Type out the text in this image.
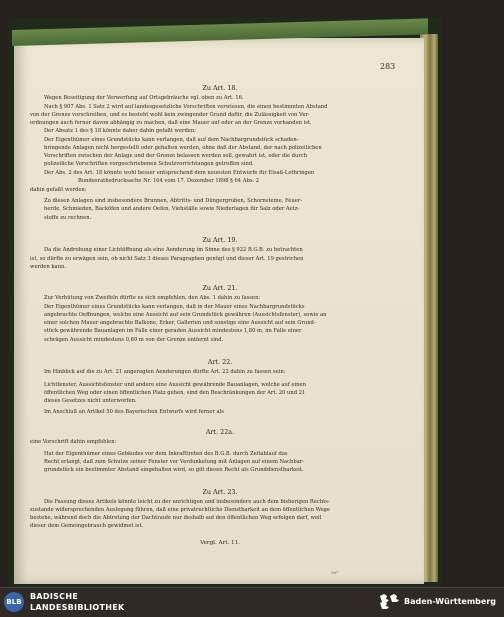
283
Zu Art. 18.
Wegen Beseitigung der Verwerfung auf Ortsgebräuche vgl. oben zu Art. 16.
Nach § 907 Abs. 1 Satz 2 wird auf landesgesetzliche Vorschriften verwiesen, die einen bestimmten Abstand
von der Grenze vorschreiben, und es besteht wohl kein zwingender Grund dafür, die Zulässigkeit von Ver-
ordnungen auch ferner davon abhängig zu machen, daß eine Mauer auf oder an der Grenze vorhanden ist.
Der Absatz 1 des § 18 könnte daher dahin gefaßt werden:
Der Eigenthümer eines Grundstücks kann verlangen, daß auf dem Nachbargrundstück schaden-
bringende Anlagen nicht hergestellt oder gehalten werden, ohne daß der Abstand, der nach polizeilichen
Vorschriften zwischen der Anlage und der Grenze belassen werden soll, gewahrt ist, oder die durch
polizeiliche Vorschriften vorgeschriebenen Schutzvorrichtungen getroffen sind.
Der Abs. 2 des Art. 18 könnte wohl besser entsprechend dem neuesten Entwurfe für Elsaß-Lothringen
Bundesrathsdrucksache Nr. 164 vom 17. Dezember 1898 § 64 Abs. 2
dahin gefaßt werden:
Zu diesen Anlagen sind insbesondere Brunnen, Abtritts- und Düngergruben, Schornsteine, Feuer-
herde, Schmieden, Backöfen und andere Oefen, Viehställe sowie Niederlagen für Salz oder Aetz-
stoffe zu rechnen.
Zu Art. 19.
Da die Androhung einer Lichtöffnung als eine Aenderung im Sinne des § 922 B.G.B. zu betrachten
ist, so dürfte zu erwägen sein, ob nicht Satz 3 dieses Paragraphen genügt und dieser Art. 19 gestrichen
werden kann.
Zu Art. 21.
Zur Verhütung von Zweifeln dürfte es sich empfehlen, den Abs. 1 dahin zu fassen:
Der Eigenthümer eines Grundstücks kann verlangen, daß in der Mauer eines Nachbargrundstücks
angebrachte Oeffnungen, welche eine Aussicht auf sein Grundstück gewähren (Aussichtsfenster), sowie an
einer solchen Mauer angebrachte Balkone, Erker, Gallerien und sonstige eine Aussicht auf sein Grund-
stück gewährende Bauanlagen im Falle einer geraden Aussicht mindestens 1,80 m, im Falle einer
schrägen Aussicht mindestens 0,60 m von der Grenze entfernt sind.
Art. 22.
Im Hinblick auf die zu Art. 21 angeregten Aenderungen dürfte Art. 22 dahin zu fassen sein:
Lichtfenster, Aussichtsfenster und andere eine Aussicht gewährende Bauanlagen, welche auf einen
öffentlichen Weg oder einen öffentlichen Platz gehen, sind den Beschränkungen der Art. 20 und 21
dieses Gesetzes nicht unterworfen.
Im Anschluß an Artikel 50 des Bayerischen Entwurfs wird ferner als
Art. 22a.
eine Vorschrift dahin empfohlen:
Hat der Eigenthümer eines Gebäudes vor dem Inkrafttreten des B.G.B. durch Zeitablauf das
Recht erlangt, daß zum Schutze seiner Fenster vor Verdunkelung mit Anlagen auf einem Nachbar-
grundstück ein bestimmter Abstand eingehalten wird, so gilt dieses Recht als Grunddienstbarkeit.
Zu Art. 23.
Die Fassung dieses Artikels könnte leicht zu der unrichtigen und insbesondere auch dem bisherigen Rechts-
zustande widersprechenden Auslegung führen, daß eine privatrechtliche Dienstbarkeit an dem öffentlichen Wege
bestehe, während doch die Abtretung der Dachtraufe nur deshalb auf den öffentlichen Weg erfolgen darf, weil
dieser dem Gemeingebrauch gewidmet ist.
Vergl. Art. 11.
36*
BLB
BADISCHE
LANDESBIBLIOTHEK
Baden-Württemberg
